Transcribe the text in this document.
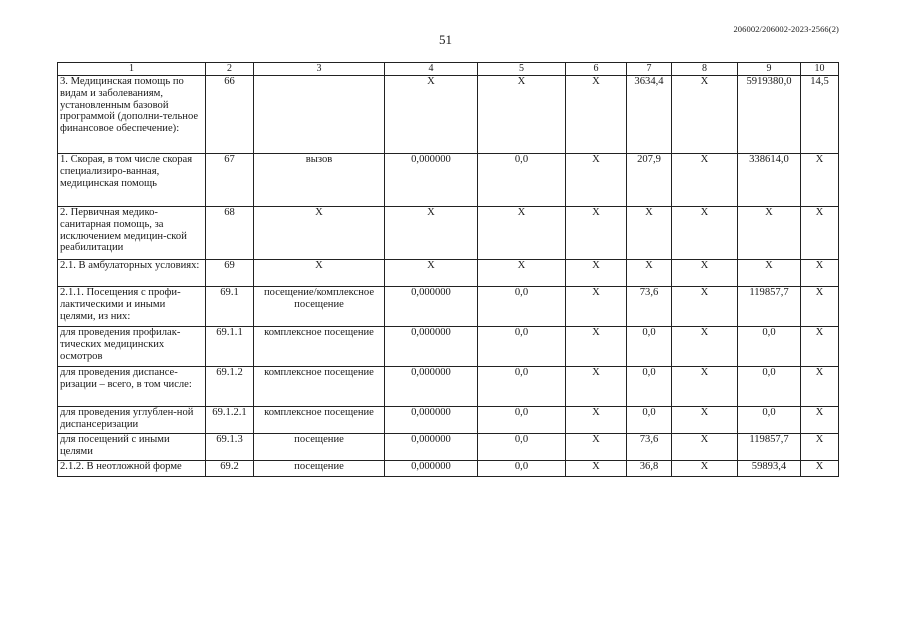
206002/206002-2023-2566(2)
51
1	2	3	4	5	6	7	8	9	10
3. Медицинская помощь по видам и заболеваниям, установленным базовой программой (дополни-тельное финансовое обеспечение):	66		X	X	X	3634,4	X	5919380,0	14,5
1. Скорая, в том числе скорая специализиро-ванная, медицинская помощь	67	вызов	0,000000	0,0	X	207,9	X	338614,0	X
2. Первичная медико-санитарная помощь, за исключением медицин-ской реабилитации	68	X	X	X	X	X	X	X	X
2.1. В амбулаторных условиях:	69	X	X	X	X	X	X	X	X
2.1.1. Посещения с профи-лактическими и иными целями, из них:	69.1	посещение/комплексное посещение	0,000000	0,0	X	73,6	X	119857,7	X
для проведения профилак-тических медицинских осмотров	69.1.1	комплексное посещение	0,000000	0,0	X	0,0	X	0,0	X
для проведения диспансе-ризации – всего, в том числе:	69.1.2	комплексное посещение	0,000000	0,0	X	0,0	X	0,0	X
для проведения углублен-ной диспансеризации	69.1.2.1	комплексное посещение	0,000000	0,0	X	0,0	X	0,0	X
для посещений с иными целями	69.1.3	посещение	0,000000	0,0	X	73,6	X	119857,7	X
2.1.2. В неотложной форме	69.2	посещение	0,000000	0,0	X	36,8	X	59893,4	X
